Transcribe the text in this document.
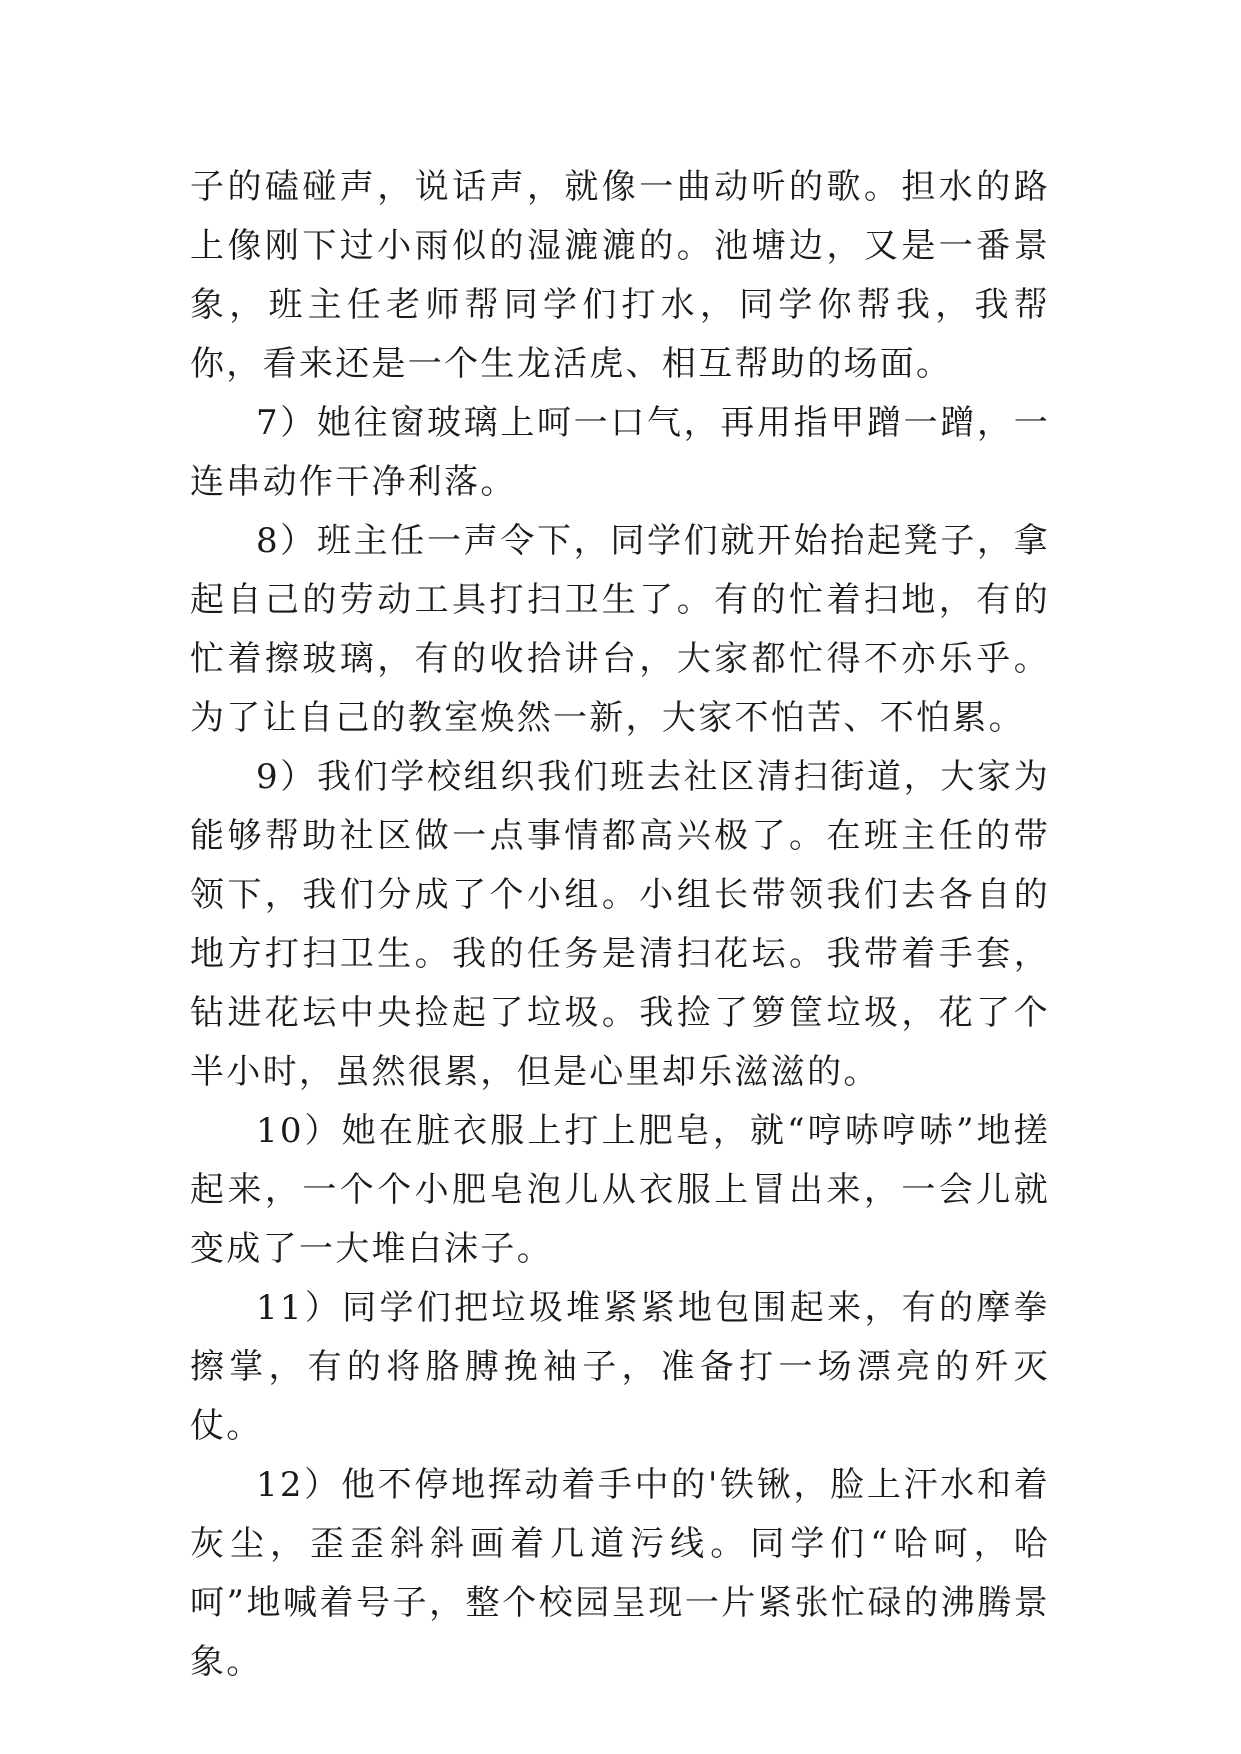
子的磕碰声，说话声，就像一曲动听的歌。担水的路上像刚下过小雨似的湿漉漉的。池塘边，又是一番景象，班主任老师帮同学们打水，同学你帮我，我帮你，看来还是一个生龙活虎、相互帮助的场面。

7）她往窗玻璃上呵一口气，再用指甲蹭一蹭，一连串动作干净利落。

8）班主任一声令下，同学们就开始抬起凳子，拿起自己的劳动工具打扫卫生了。有的忙着扫地，有的忙着擦玻璃，有的收拾讲台，大家都忙得不亦乐乎。为了让自己的教室焕然一新，大家不怕苦、不怕累。

9）我们学校组织我们班去社区清扫街道，大家为能够帮助社区做一点事情都高兴极了。在班主任的带领下，我们分成了个小组。小组长带领我们去各自的地方打扫卫生。我的任务是清扫花坛。我带着手套，钻进花坛中央捡起了垃圾。我捡了箩筐垃圾，花了个半小时，虽然很累，但是心里却乐滋滋的。

10）她在脏衣服上打上肥皂，就“哼哧哼哧”地搓起来，一个个小肥皂泡儿从衣服上冒出来，一会儿就变成了一大堆白沫子。

11）同学们把垃圾堆紧紧地包围起来，有的摩拳擦掌，有的将胳膊挽袖子，准备打一场漂亮的歼灭仗。

12）他不停地挥动着手中的'铁锹，脸上汗水和着灰尘，歪歪斜斜画着几道污线。同学们“哈呵，哈呵”地喊着号子，整个校园呈现一片紧张忙碌的沸腾景象。
